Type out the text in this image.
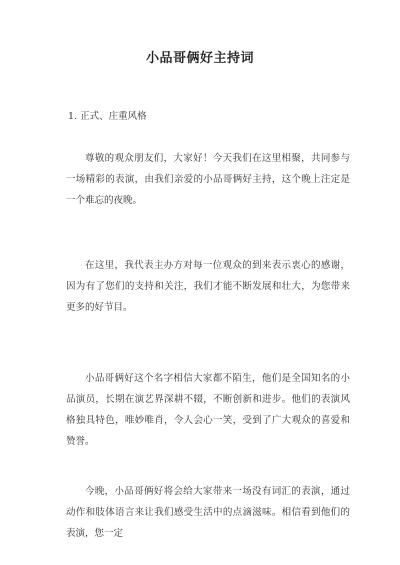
小品哥俩好主持词
1. 正式、庄重风格

尊敬的观众朋友们，大家好！今天我们在这里相聚，共同参与一场精彩的表演，由我们亲爱的小品哥俩好主持，这个晚上注定是一个难忘的夜晚。

在这里，我代表主办方对每一位观众的到来表示衷心的感谢，因为有了您们的支持和关注，我们才能不断发展和壮大，为您带来更多的好节目。

小品哥俩好这个名字相信大家都不陌生，他们是全国知名的小品演员，长期在演艺界深耕不辍，不断创新和进步。他们的表演风格独具特色，唯妙唯肖，令人会心一笑，受到了广大观众的喜爱和赞誉。

今晚，小品哥俩好将会给大家带来一场没有词汇的表演，通过动作和肢体语言来让我们感受生活中的点滴滋味。相信看到他们的表演，您一定
